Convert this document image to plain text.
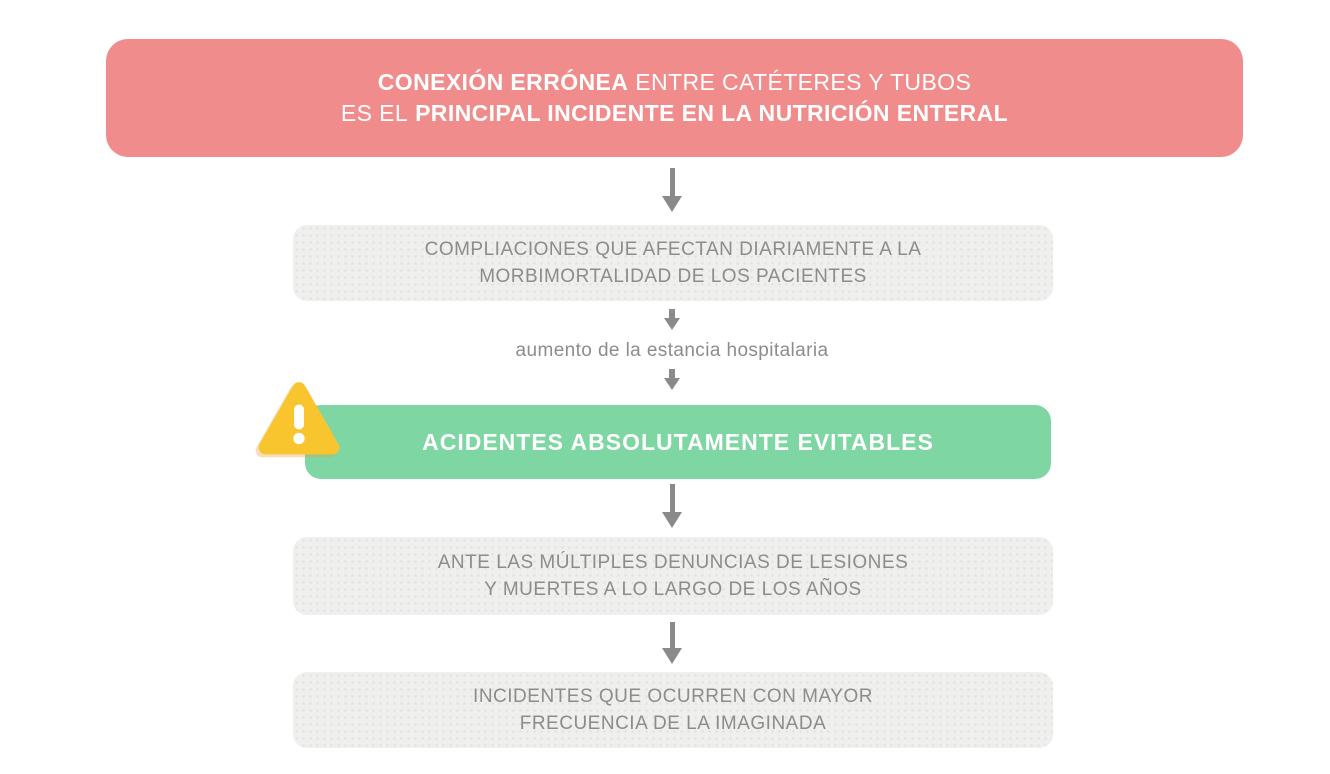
CONEXIÓN ERRÓNEA ENTRE CATÉTERES Y TUBOS
ES EL PRINCIPAL INCIDENTE EN LA NUTRICIÓN ENTERAL
COMPLIACIONES QUE AFECTAN DIARIAMENTE A LA
MORBIMORTALIDAD DE LOS PACIENTES
aumento de la estancia hospitalaria
ACIDENTES ABSOLUTAMENTE EVITABLES
ANTE LAS MÚLTIPLES DENUNCIAS DE LESIONES
Y MUERTES A LO LARGO DE LOS AÑOS
INCIDENTES QUE OCURREN CON MAYOR
FRECUENCIA DE LA IMAGINADA
